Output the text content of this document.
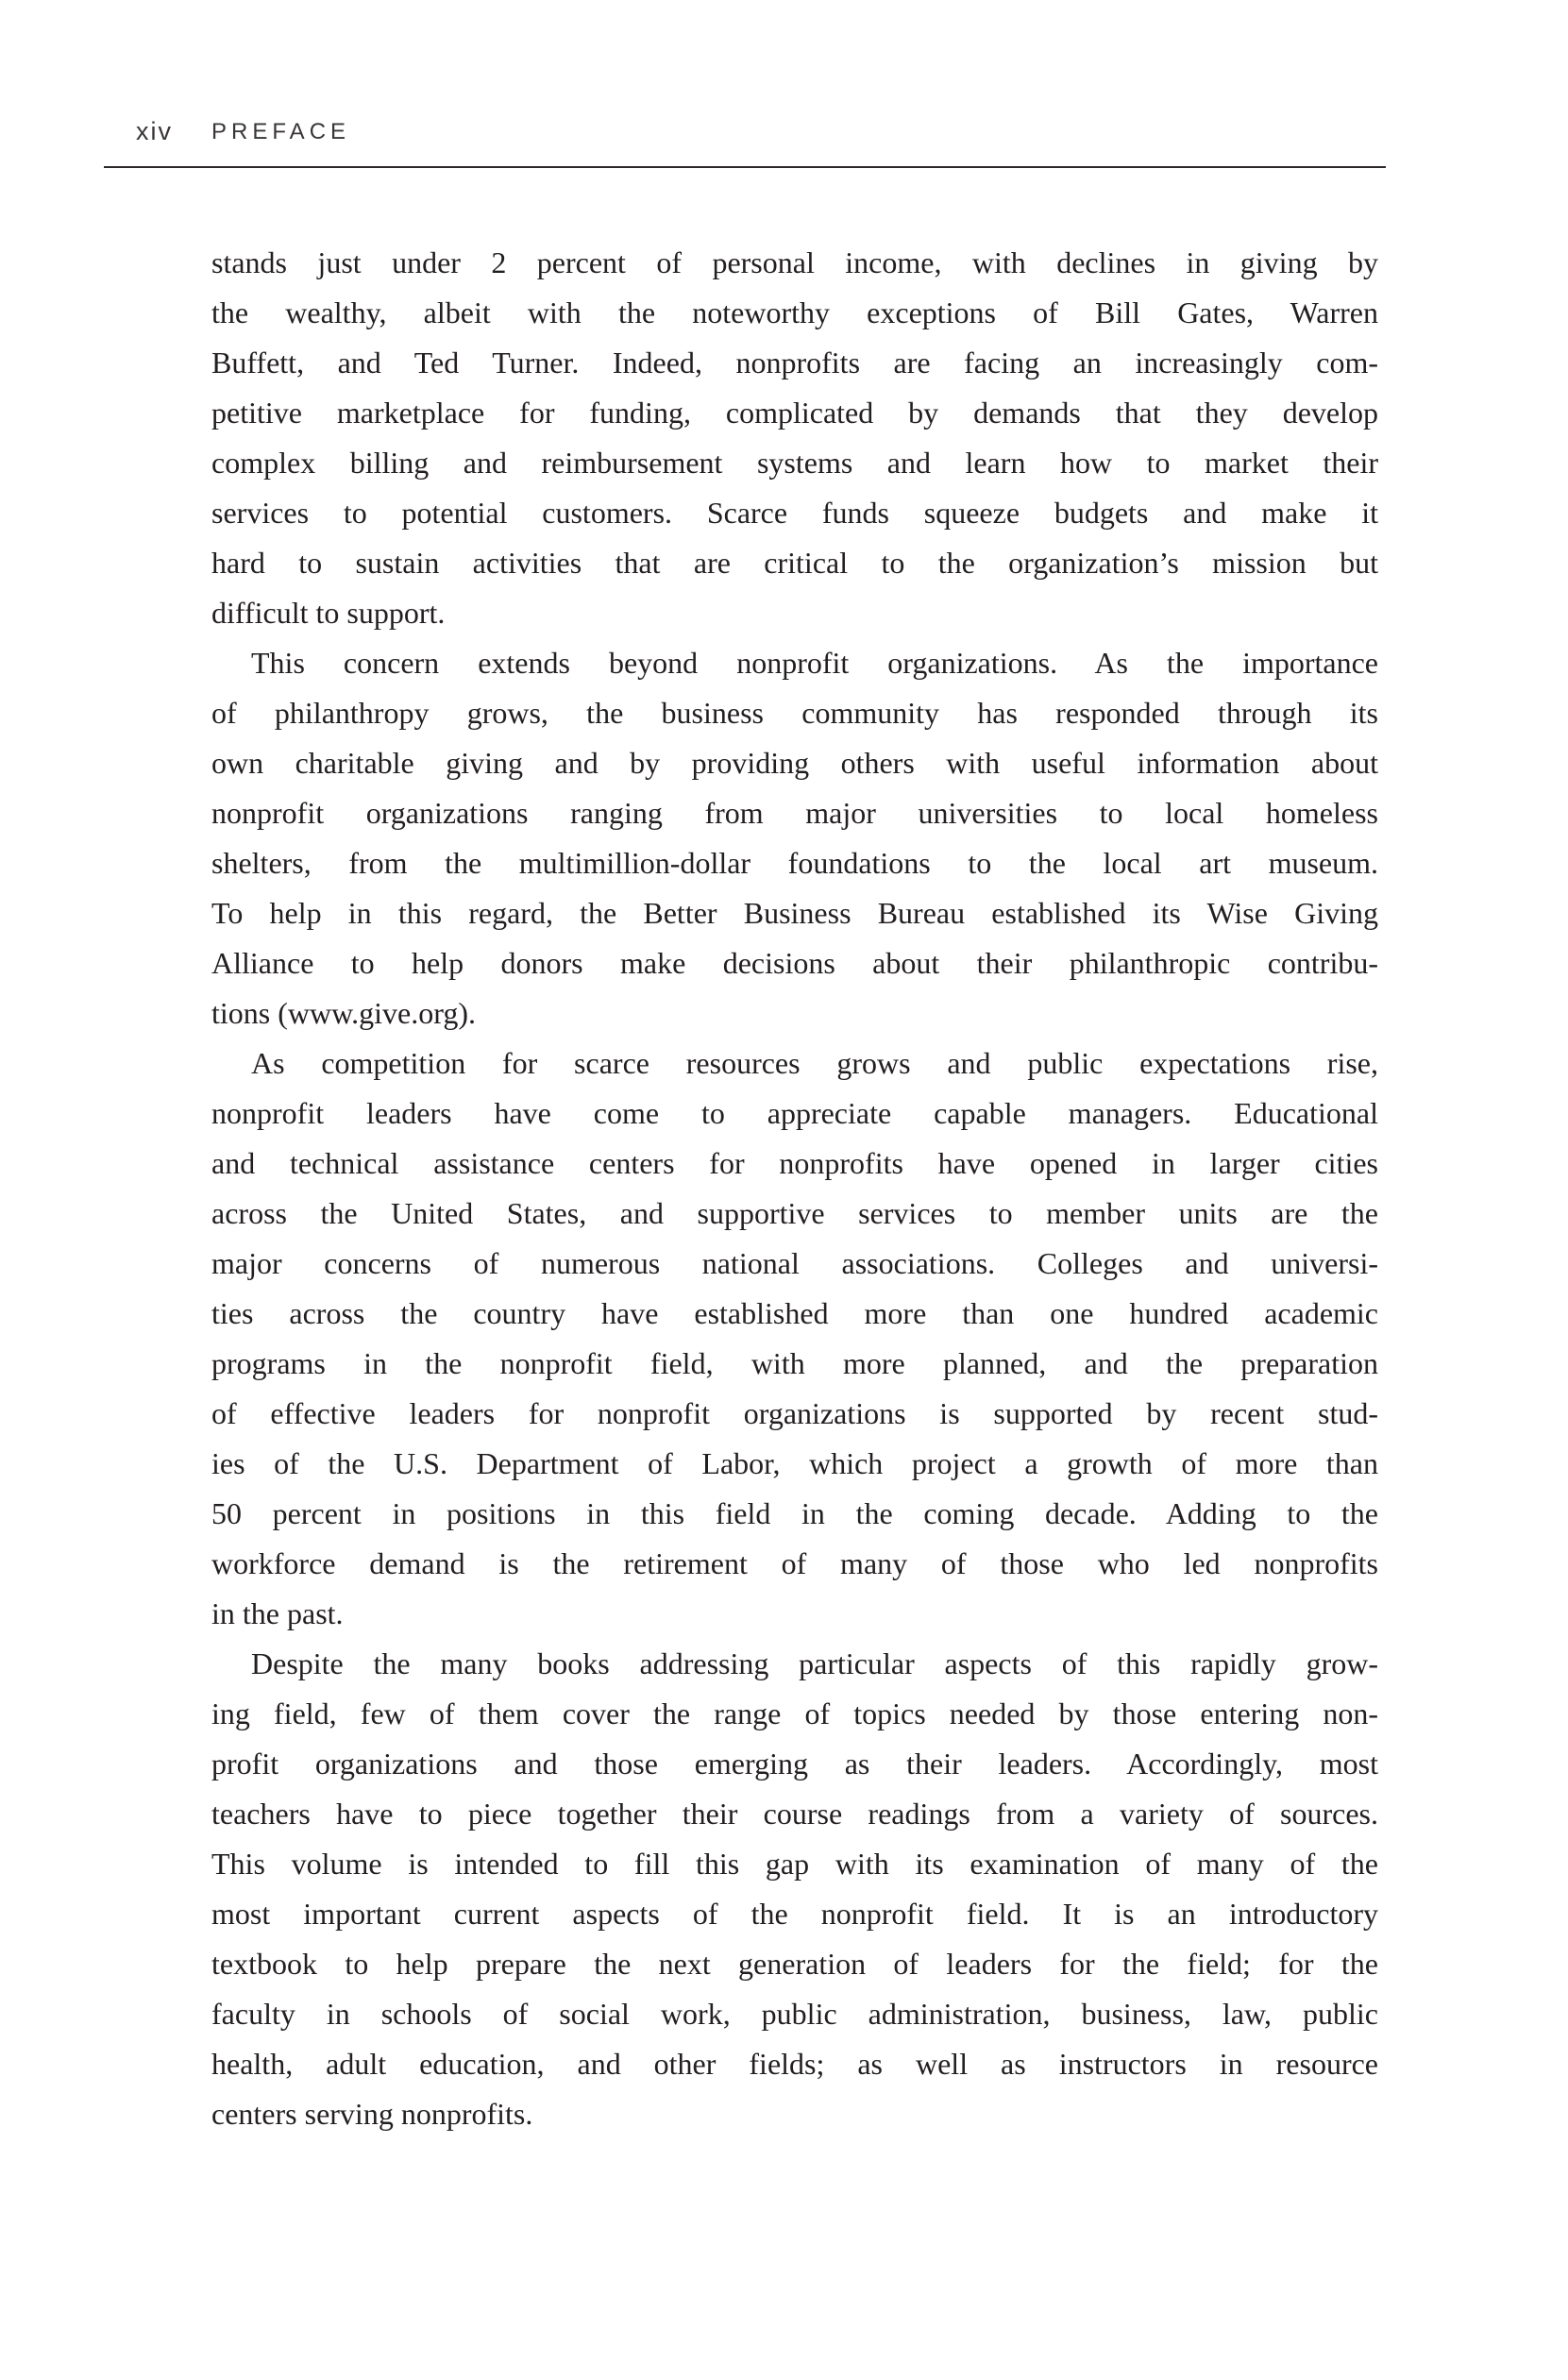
xiv PREFACE
stands just under 2 percent of personal income, with declines in giving by
the wealthy, albeit with the noteworthy exceptions of Bill Gates, Warren
Buffett, and Ted Turner. Indeed, nonprofits are facing an increasingly com-
petitive marketplace for funding, complicated by demands that they develop
complex billing and reimbursement systems and learn how to market their
services to potential customers. Scarce funds squeeze budgets and make it
hard to sustain activities that are critical to the organization’s mission but
difficult to support.
This concern extends beyond nonprofit organizations. As the importance
of philanthropy grows, the business community has responded through its
own charitable giving and by providing others with useful information about
nonprofit organizations ranging from major universities to local homeless
shelters, from the multimillion-dollar foundations to the local art museum.
To help in this regard, the Better Business Bureau established its Wise Giving
Alliance to help donors make decisions about their philanthropic contribu-
tions (www.give.org).
As competition for scarce resources grows and public expectations rise,
nonprofit leaders have come to appreciate capable managers. Educational
and technical assistance centers for nonprofits have opened in larger cities
across the United States, and supportive services to member units are the
major concerns of numerous national associations. Colleges and universi-
ties across the country have established more than one hundred academic
programs in the nonprofit field, with more planned, and the preparation
of effective leaders for nonprofit organizations is supported by recent stud-
ies of the U.S. Department of Labor, which project a growth of more than
50 percent in positions in this field in the coming decade. Adding to the
workforce demand is the retirement of many of those who led nonprofits
in the past.
Despite the many books addressing particular aspects of this rapidly grow-
ing field, few of them cover the range of topics needed by those entering non-
profit organizations and those emerging as their leaders. Accordingly, most
teachers have to piece together their course readings from a variety of sources.
This volume is intended to fill this gap with its examination of many of the
most important current aspects of the nonprofit field. It is an introductory
textbook to help prepare the next generation of leaders for the field; for the
faculty in schools of social work, public administration, business, law, public
health, adult education, and other fields; as well as instructors in resource
centers serving nonprofits.
